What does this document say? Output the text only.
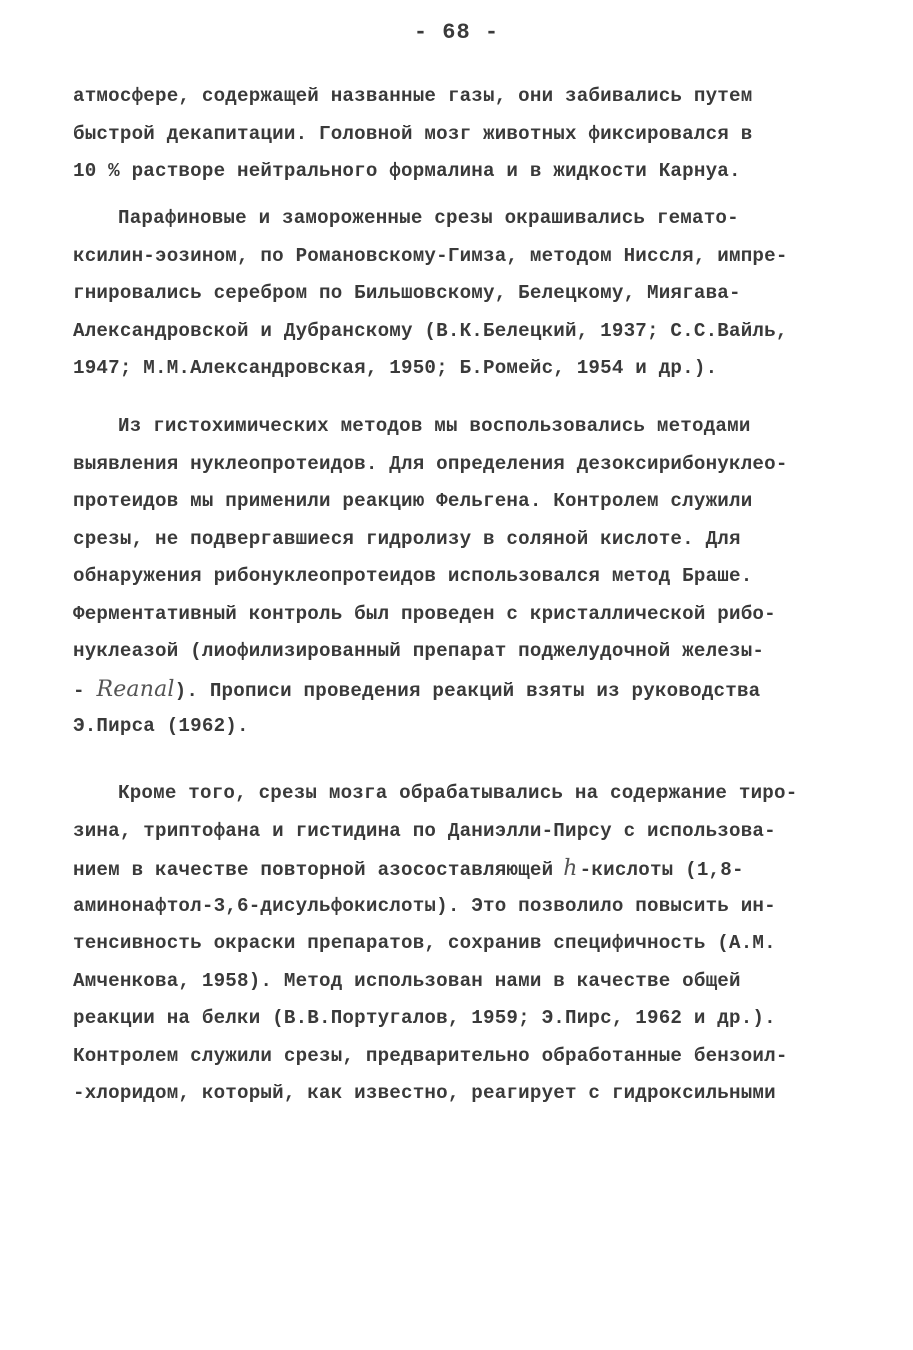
- 68 -
атмосфере, содержащей названные газы, они забивались путем
быстрой декапитации. Головной мозг животных фиксировался в
10 % растворе нейтрального формалина и в жидкости Карнуа.
Парафиновые и замороженные срезы окрашивались гемато-
ксилин-эозином, по Романовскому-Гимза, методом Ниссля, импре-
гнировались серебром по Бильшовскому, Белецкому, Миягава-
Александровской и Дубранскому (В.К.Белецкий, 1937; С.С.Вайль,
1947; М.М.Александровская, 1950; Б.Ромейс, 1954 и др.).
Из гистохимических методов мы воспользовались методами
выявления нуклеопротеидов. Для определения дезоксирибонуклео-
протеидов мы применили реакцию Фельгена. Контролем служили
срезы, не подвергавшиеся гидролизу в соляной кислоте. Для
обнаружения рибонуклеопротеидов использовался метод Браше.
Ферментативный контроль был проведен с кристаллической рибо-
нуклеазой (лиофилизированный препарат поджелудочной железы-
- Reanal). Прописи проведения реакций взяты из руководства
Э.Пирса (1962).
Кроме того, срезы мозга обрабатывались на содержание тиро-
зина, триптофана и гистидина по Даниэлли-Пирсу с использова-
нием в качестве повторной азосоставляющей h -кислоты (1,8-
аминонафтол-3,6-дисульфокислоты). Это позволило повысить ин-
тенсивность окраски препаратов, сохранив специфичность (А.М.
Амченкова, 1958). Метод использован нами в качестве общей
реакции на белки (В.В.Португалов, 1959; Э.Пирс, 1962 и др.).
Контролем служили срезы, предварительно обработанные бензоил-
-хлоридом, который, как известно, реагирует с гидроксильными
